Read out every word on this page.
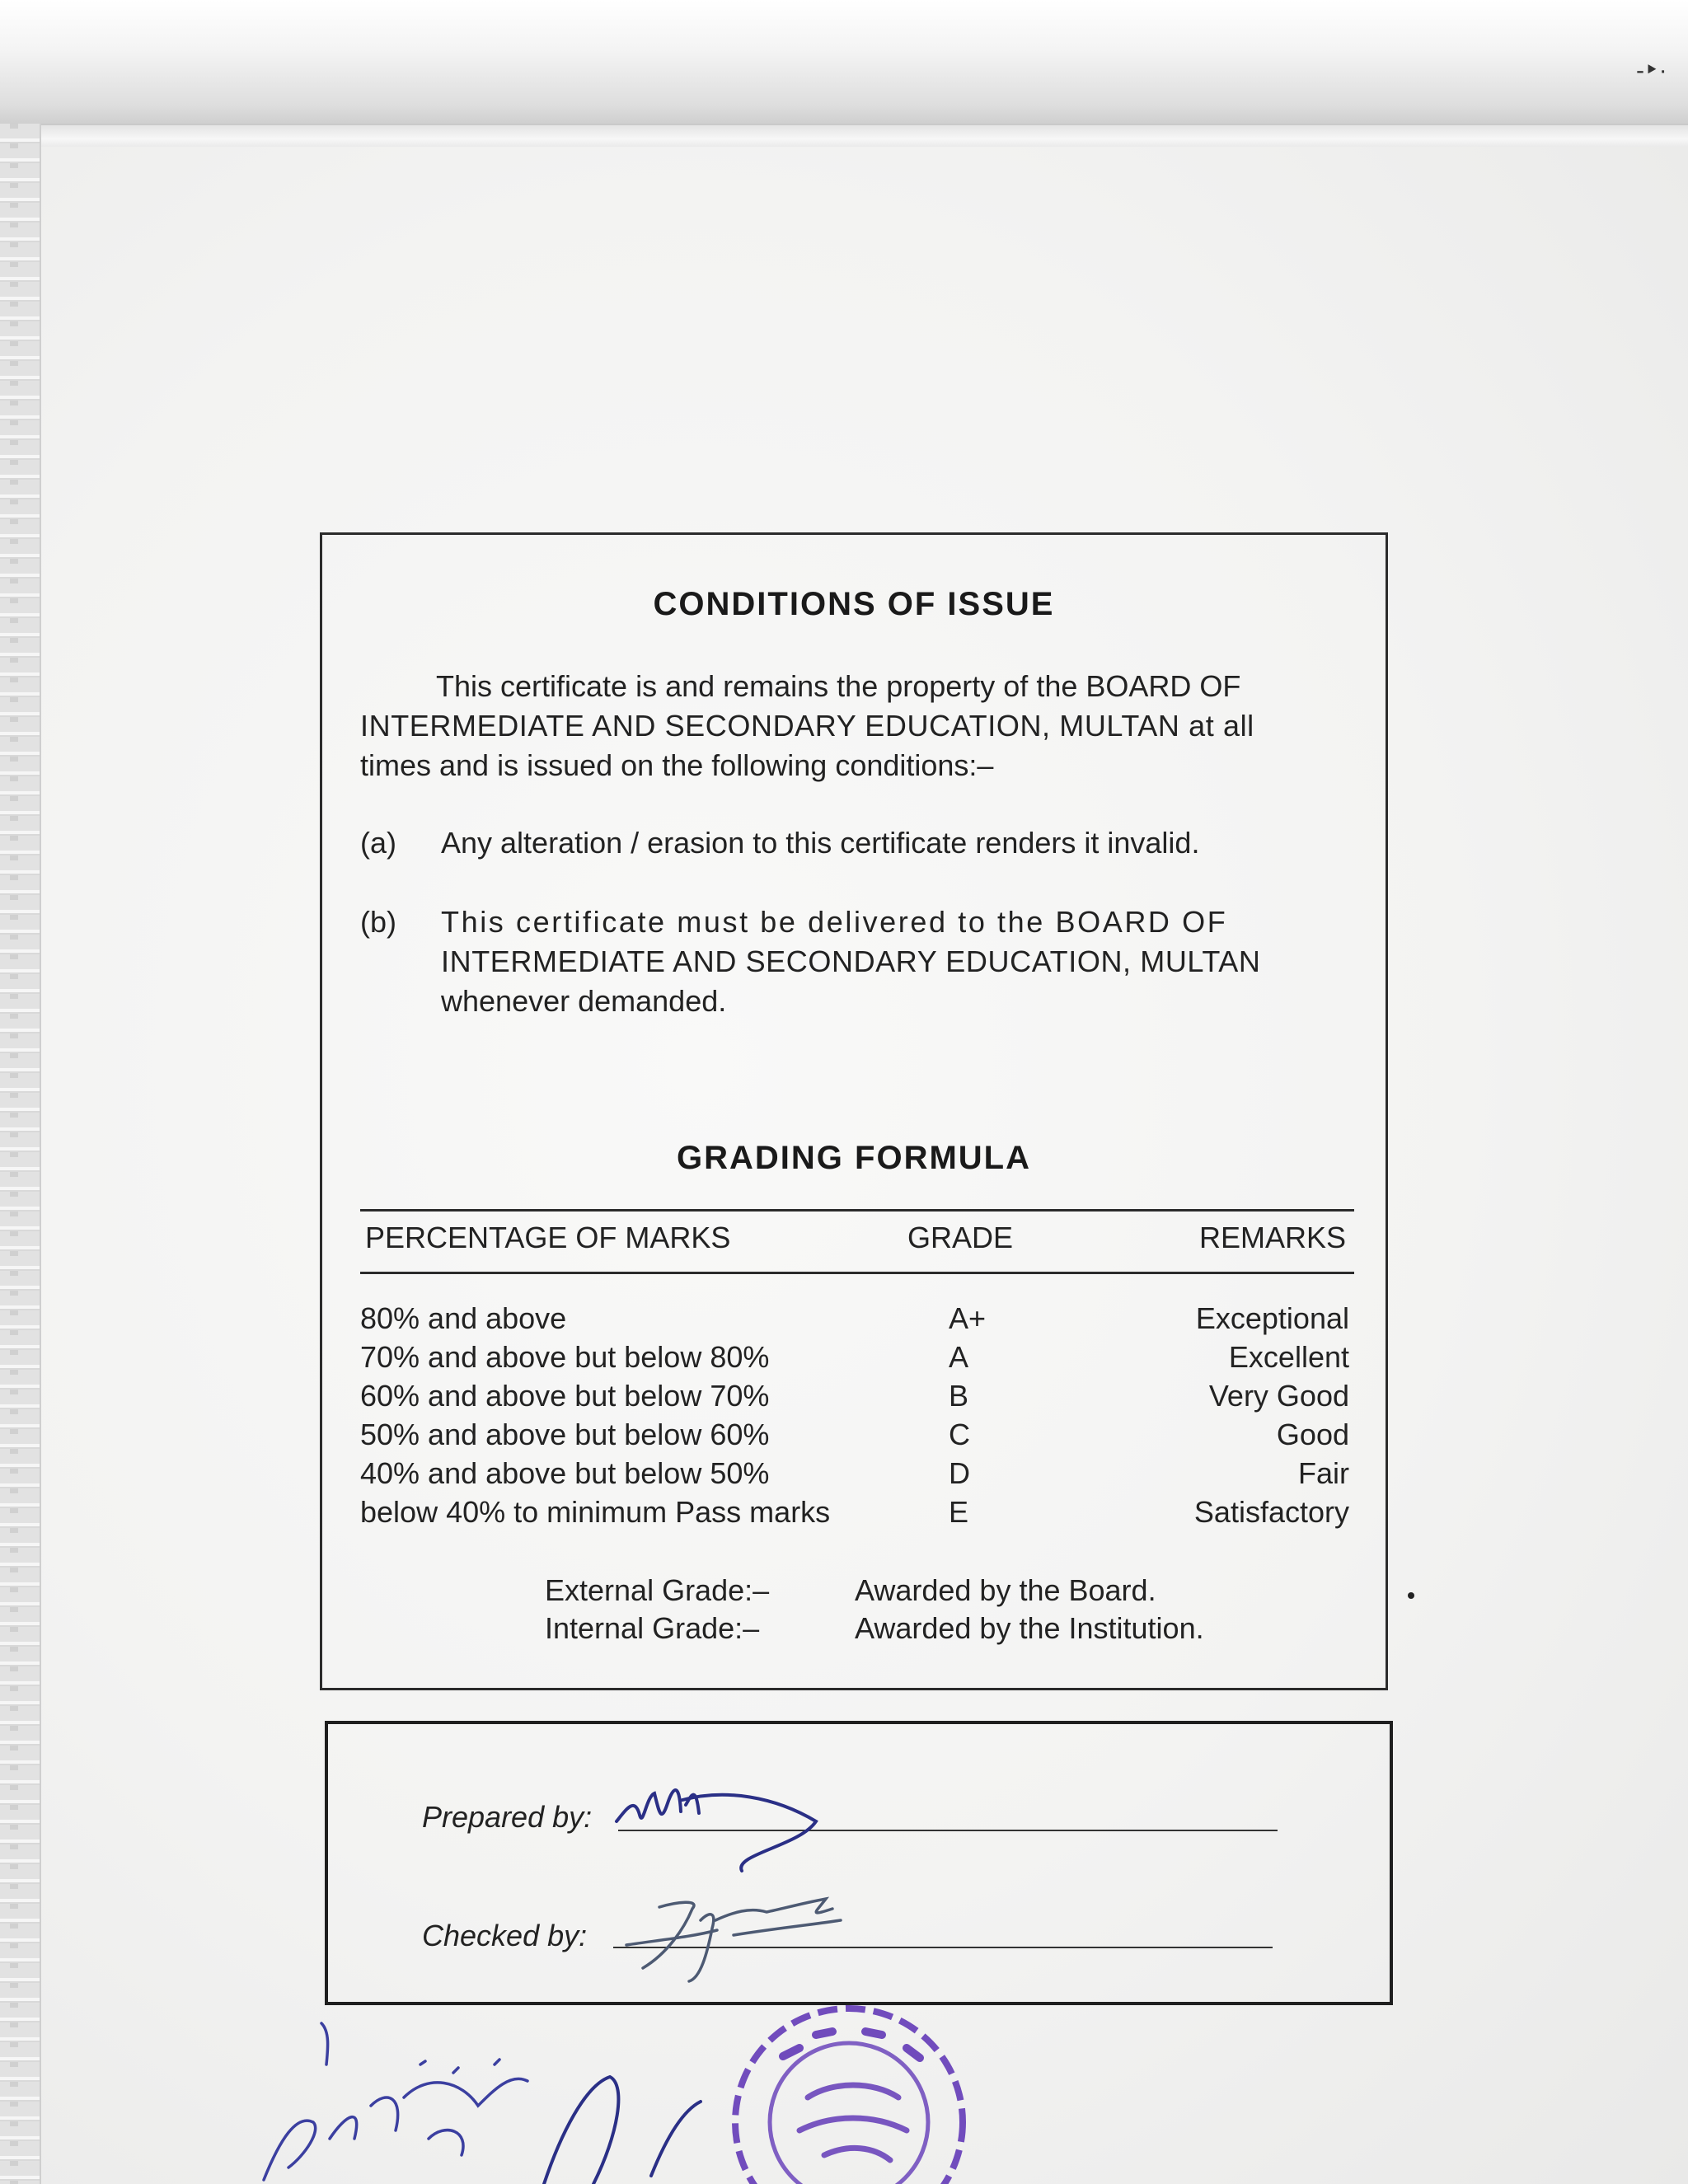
-‣·
CONDITIONS OF ISSUE
This certificate is and remains the property of the BOARD OF
INTERMEDIATE AND SECONDARY EDUCATION, MULTAN at all
times and is issued on the following conditions:–
(a) Any alteration / erasion to this certificate renders it invalid.
(b) This certificate must be delivered to the BOARD OF
INTERMEDIATE AND SECONDARY EDUCATION, MULTAN
whenever demanded.
GRADING FORMULA
PERCENTAGE OF MARKS	GRADE	REMARKS
80% and above	A+	Exceptional
70% and above but below 80%	A	Excellent
60% and above but below 70%	B	Very Good
50% and above but below 60%	C	Good
40% and above but below 50%	D	Fair
below 40% to minimum Pass marks	E	Satisfactory
External Grade:–	Awarded by the Board.
Internal Grade:–	Awarded by the Institution.
Prepared by:
Checked by:
